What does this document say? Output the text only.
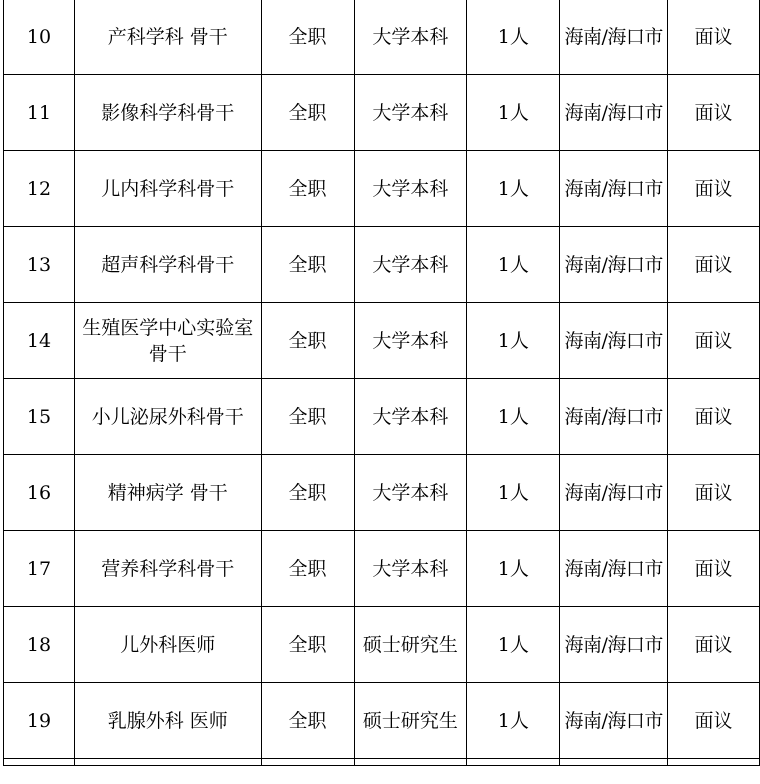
10	产科学科 骨干	全职	大学本科	1人	海南/海口市	面议
11	影像科学科骨干	全职	大学本科	1人	海南/海口市	面议
12	儿内科学科骨干	全职	大学本科	1人	海南/海口市	面议
13	超声科学科骨干	全职	大学本科	1人	海南/海口市	面议
14	生殖医学中心实验室骨干	全职	大学本科	1人	海南/海口市	面议
15	小儿泌尿外科骨干	全职	大学本科	1人	海南/海口市	面议
16	精神病学 骨干	全职	大学本科	1人	海南/海口市	面议
17	营养科学科骨干	全职	大学本科	1人	海南/海口市	面议
18	儿外科医师	全职	硕士研究生	1人	海南/海口市	面议
19	乳腺外科 医师	全职	硕士研究生	1人	海南/海口市	面议
